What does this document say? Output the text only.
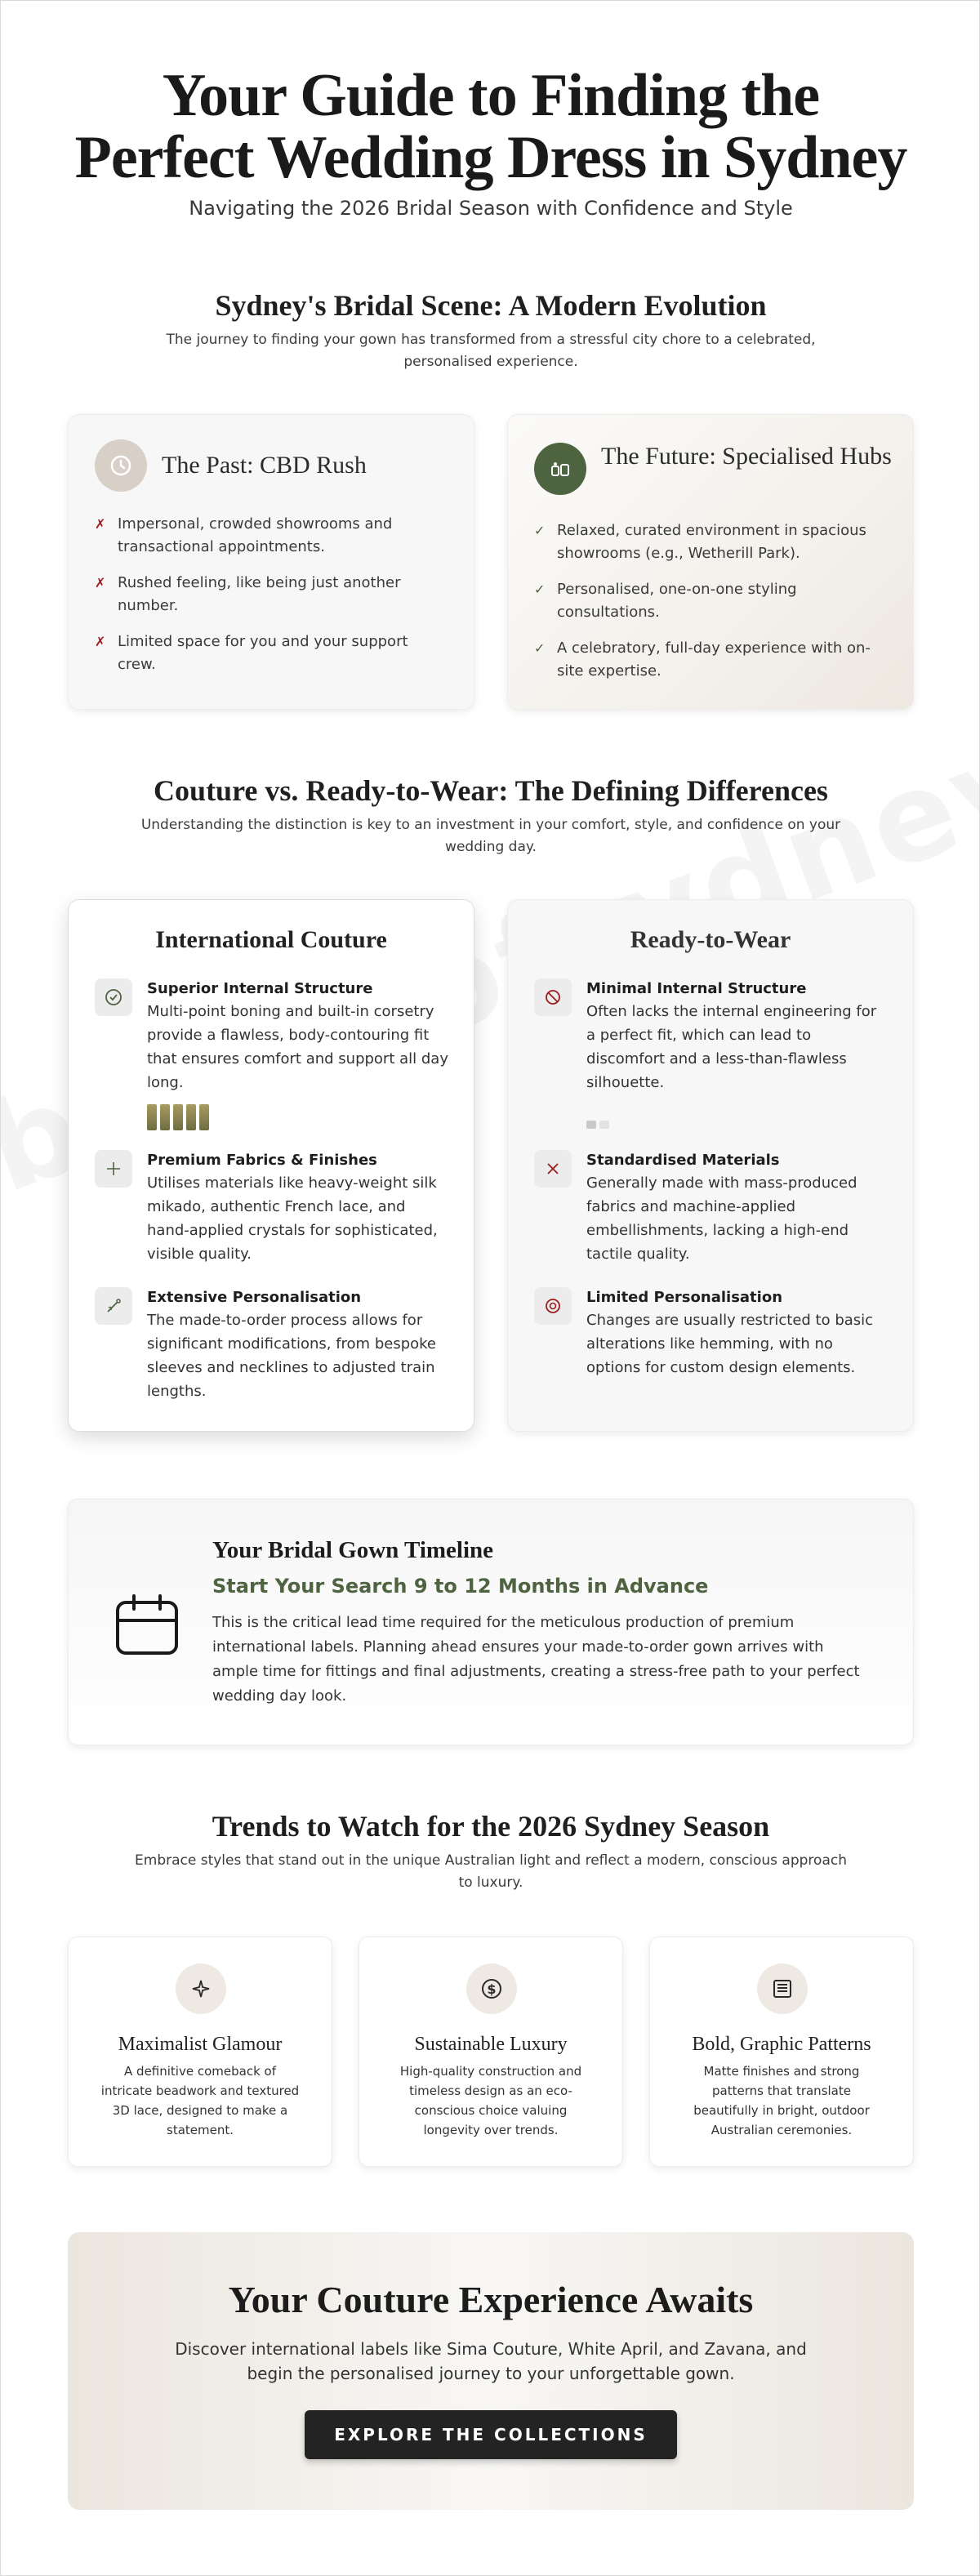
Your Guide to Finding the Perfect Wedding Dress in Sydney

Navigating the 2026 Bridal Season with Confidence and Style

Sydney's Bridal Scene: A Modern Evolution

The journey to finding your gown has transformed from a stressful city chore to a celebrated, personalised experience.

The Past: CBD Rush
✗ Impersonal, crowded showrooms and transactional appointments.
✗ Rushed feeling, like being just another number.
✗ Limited space for you and your support crew.
The Future: Specialised Hubs
✓ Relaxed, curated environment in spacious showrooms (e.g., Wetherill Park).
✓ Personalised, one-on-one styling consultations.
✓ A celebratory, full-day experience with on-site expertise.
Couture vs. Ready-to-Wear: The Defining Differences

Understanding the distinction is key to an investment in your comfort, style, and confidence on your wedding day.

International Couture
Superior Internal Structure
Multi-point boning and built-in corsetry provide a flawless, body-contouring fit that ensures comfort and support all day long.
Premium Fabrics & Finishes
Utilises materials like heavy-weight silk mikado, authentic French lace, and hand-applied crystals for sophisticated, visible quality.
Extensive Personalisation
The made-to-order process allows for significant modifications, from bespoke sleeves and necklines to adjusted train lengths.
Ready-to-Wear
Minimal Internal Structure
Often lacks the internal engineering for a perfect fit, which can lead to discomfort and a less-than-flawless silhouette.
Standardised Materials
Generally made with mass-produced fabrics and machine-applied embellishments, lacking a high-end tactile quality.
Limited Personalisation
Changes are usually restricted to basic alterations like hemming, with no options for custom design elements.
Your Bridal Gown Timeline
Start Your Search 9 to 12 Months in Advance

This is the critical lead time required for the meticulous production of premium international labels. Planning ahead ensures your made-to-order gown arrives with ample time for fittings and final adjustments, creating a stress-free path to your perfect wedding day look.

Trends to Watch for the 2026 Sydney Season

Embrace styles that stand out in the unique Australian light and reflect a modern, conscious approach to luxury.

Maximalist Glamour
A definitive comeback of intricate beadwork and textured 3D lace, designed to make a statement.
$
Sustainable Luxury
High-quality construction and timeless design as an eco-conscious choice valuing longevity over trends.
Bold, Graphic Patterns
Matte finishes and strong patterns that translate beautifully in bright, outdoor Australian ceremonies.
Your Couture Experience Awaits

Discover international labels like Sima Couture, White April, and Zavana, and begin the personalised journey to your unforgettable gown.

EXPLORE THE COLLECTIONS
